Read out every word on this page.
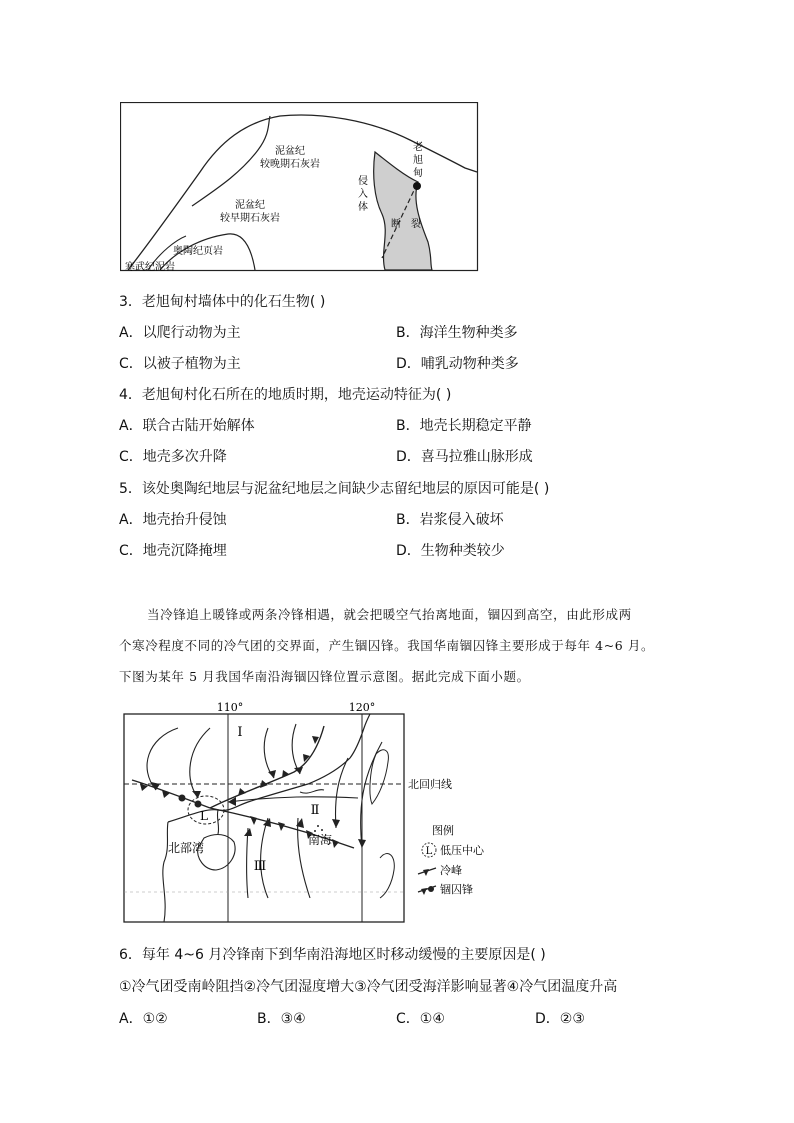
泥盆纪
较晚期石灰岩
泥盆纪
较早期石灰岩
奥陶纪页岩
寒武纪泥岩
侵
入
体
老
旭
甸
断 裂
3．老旭甸村墙体中的化石生物( )
A．以爬行动物为主	B．海洋生物种类多
C．以被子植物为主	D．哺乳动物种类多
4．老旭甸村化石所在的地质时期，地壳运动特征为( )
A．联合古陆开始解体	B．地壳长期稳定平静
C．地壳多次升降	D．喜马拉雅山脉形成
5．该处奥陶纪地层与泥盆纪地层之间缺少志留纪地层的原因可能是( )
A．地壳抬升侵蚀	B．岩浆侵入破坏
C．地壳沉降掩埋	D．生物种类较少
当冷锋追上暖锋或两条冷锋相遇，就会把暖空气抬离地面，锢囚到高空，由此形成两
个寒冷程度不同的冷气团的交界面，产生锢囚锋。我国华南锢囚锋主要形成于每年 4~6 月。
下图为某年 5 月我国华南沿海锢囚锋位置示意图。据此完成下面小题。
110°	120°
北回归线
L
Ⅰ
Ⅱ
Ⅲ
北部湾
南海
图例
L 低压中心
冷峰
锢囚锋
6．每年 4~6 月冷锋南下到华南沿海地区时移动缓慢的主要原因是( )
①冷气团受南岭阻挡②冷气团湿度增大③冷气团受海洋影响显著④冷气团温度升高
A．①②	B．③④	C．①④	D．②③
